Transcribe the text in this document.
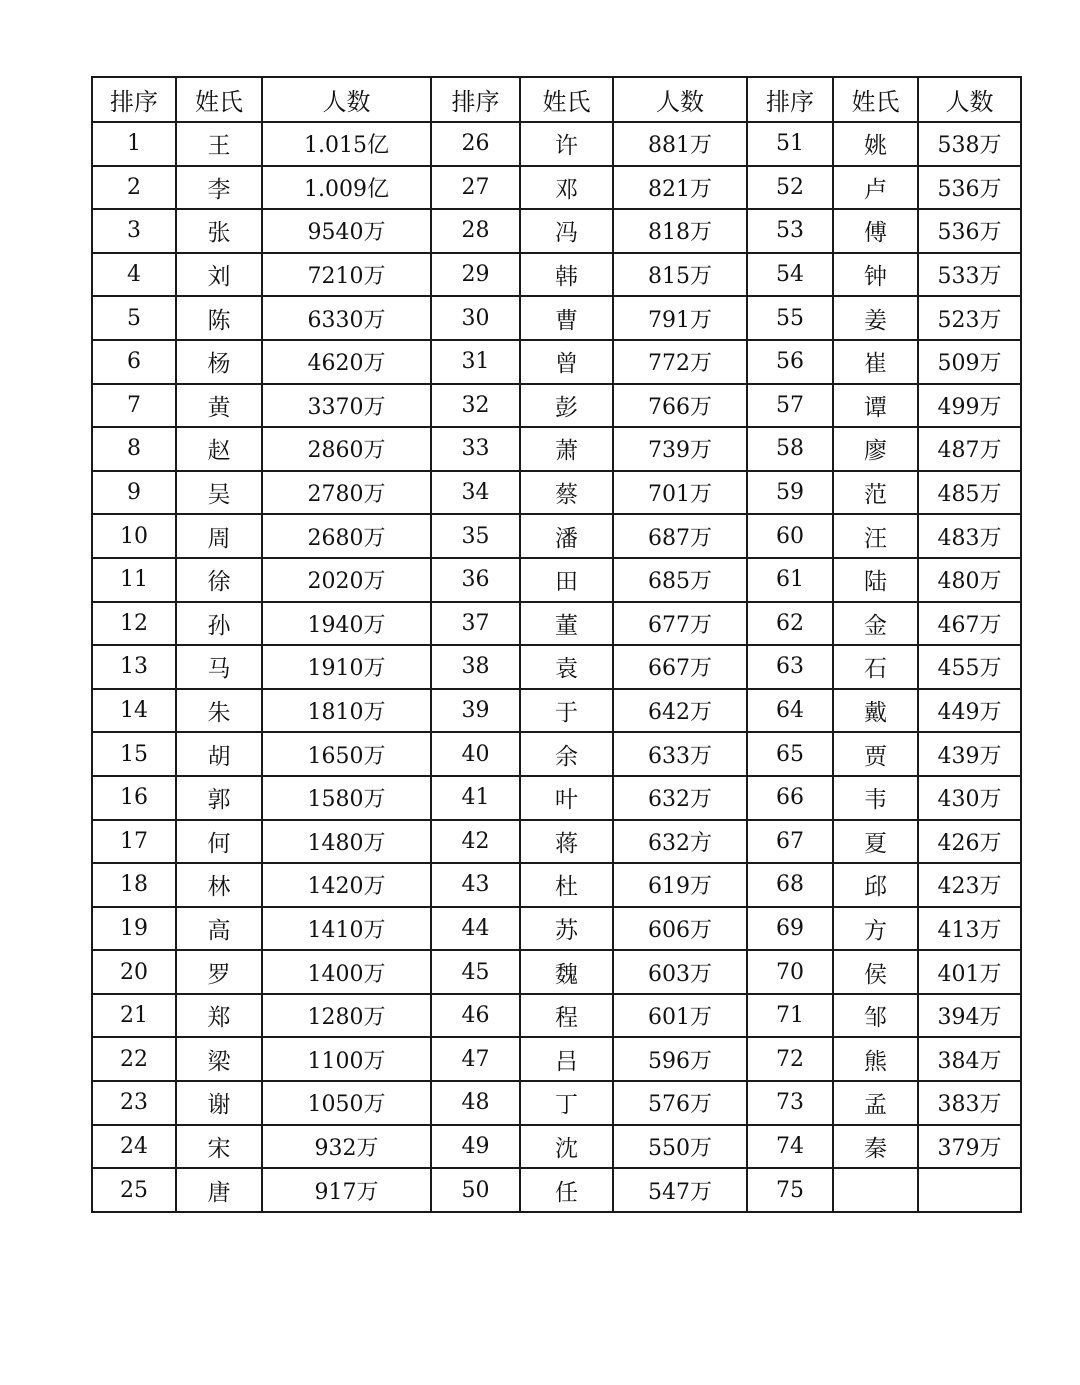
排序	姓氏	人数	排序	姓氏	人数	排序	姓氏	人数
1	王	1.015亿	26	许	881万	51	姚	538万
2	李	1.009亿	27	邓	821万	52	卢	536万
3	张	9540万	28	冯	818万	53	傅	536万
4	刘	7210万	29	韩	815万	54	钟	533万
5	陈	6330万	30	曹	791万	55	姜	523万
6	杨	4620万	31	曾	772万	56	崔	509万
7	黄	3370万	32	彭	766万	57	谭	499万
8	赵	2860万	33	萧	739万	58	廖	487万
9	吴	2780万	34	蔡	701万	59	范	485万
10	周	2680万	35	潘	687万	60	汪	483万
11	徐	2020万	36	田	685万	61	陆	480万
12	孙	1940万	37	董	677万	62	金	467万
13	马	1910万	38	袁	667万	63	石	455万
14	朱	1810万	39	于	642万	64	戴	449万
15	胡	1650万	40	余	633万	65	贾	439万
16	郭	1580万	41	叶	632万	66	韦	430万
17	何	1480万	42	蒋	632方	67	夏	426万
18	林	1420万	43	杜	619万	68	邱	423万
19	高	1410万	44	苏	606万	69	方	413万
20	罗	1400万	45	魏	603万	70	侯	401万
21	郑	1280万	46	程	601万	71	邹	394万
22	梁	1100万	47	吕	596万	72	熊	384万
23	谢	1050万	48	丁	576万	73	孟	383万
24	宋	932万	49	沈	550万	74	秦	379万
25	唐	917万	50	任	547万	75		
